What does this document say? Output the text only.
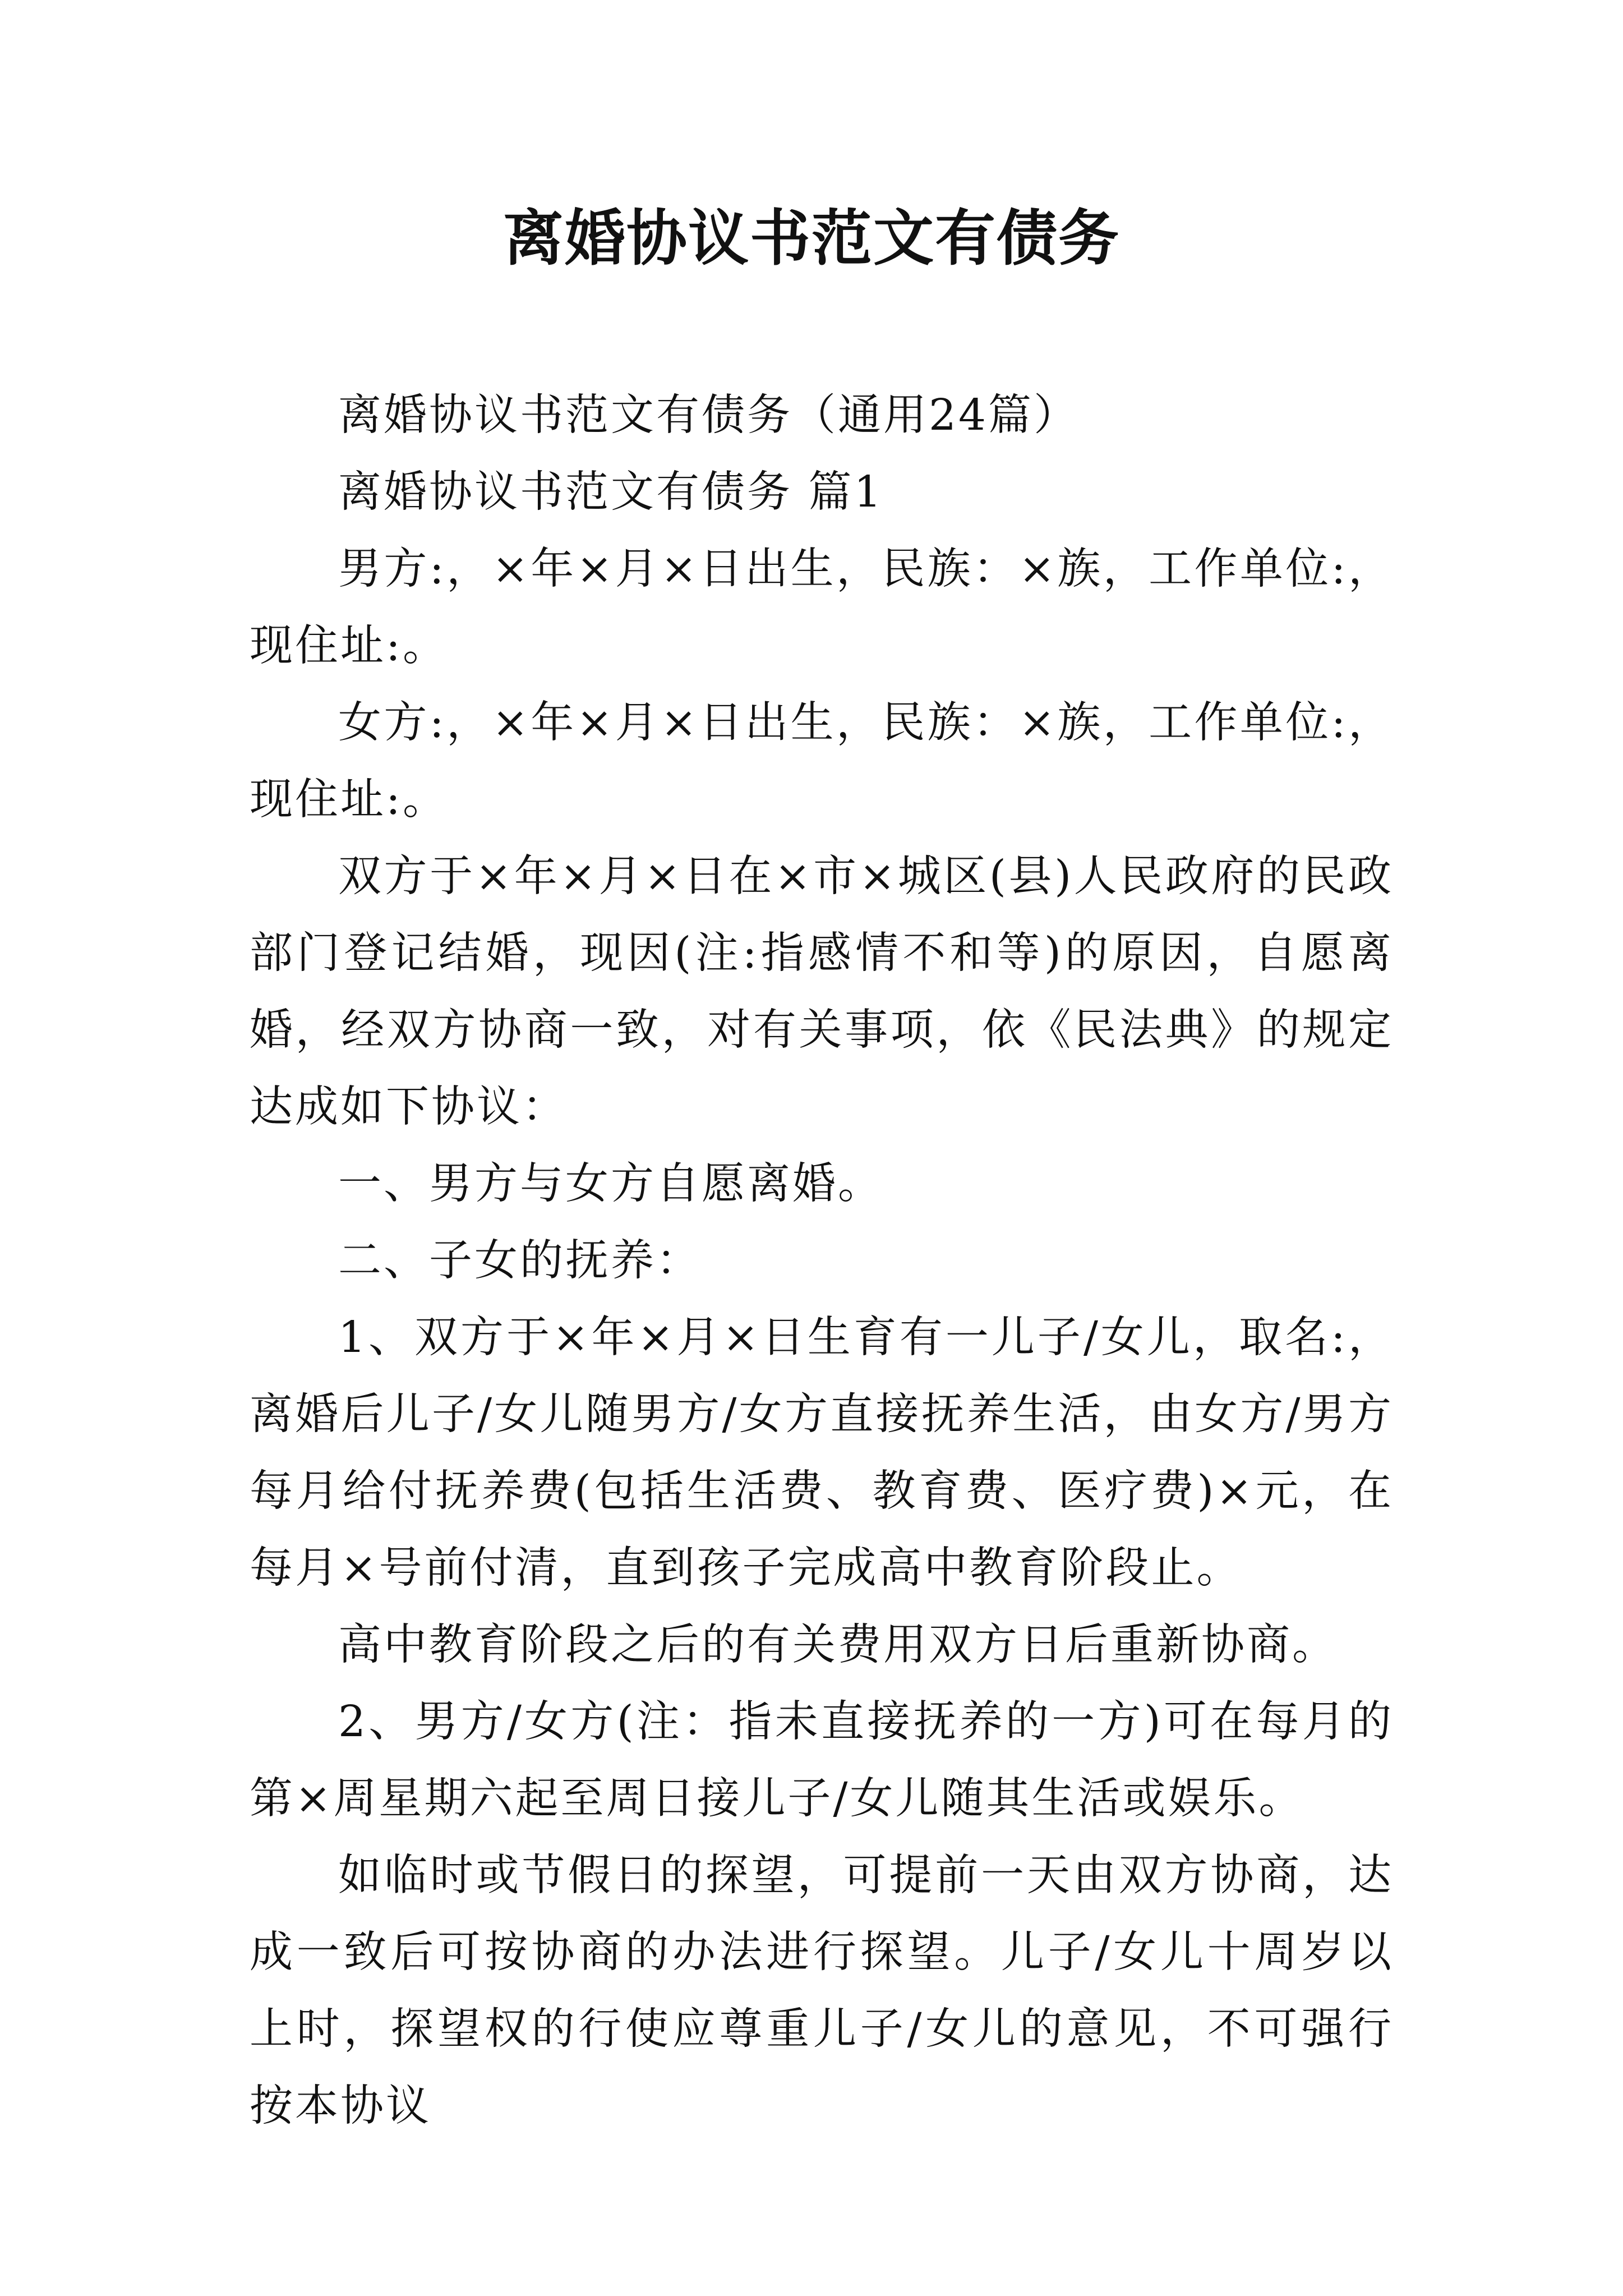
离婚协议书范文有债务

离婚协议书范文有债务（通用24篇）

离婚协议书范文有债务 篇1

男方:，×年×月×日出生，民族：×族，工作单位:，现住址:。

女方:，×年×月×日出生，民族：×族，工作单位:，现住址:。

双方于×年×月×日在×市×城区(县)人民政府的民政部门登记结婚，现因(注:指感情不和等)的原因，自愿离婚，经双方协商一致，对有关事项，依《民法典》的规定达成如下协议：

一、男方与女方自愿离婚。

二、子女的抚养：

1、双方于×年×月×日生育有一儿子/女儿，取名:，离婚后儿子/女儿随男方/女方直接抚养生活，由女方/男方每月给付抚养费(包括生活费、教育费、医疗费)×元，在每月×号前付清，直到孩子完成高中教育阶段止。

高中教育阶段之后的有关费用双方日后重新协商。

2、男方/女方(注：指未直接抚养的一方)可在每月的第×周星期六起至周日接儿子/女儿随其生活或娱乐。

如临时或节假日的探望，可提前一天由双方协商，达成一致后可按协商的办法进行探望。儿子/女儿十周岁以上时，探望权的行使应尊重儿子/女儿的意见，不可强行按本协议
